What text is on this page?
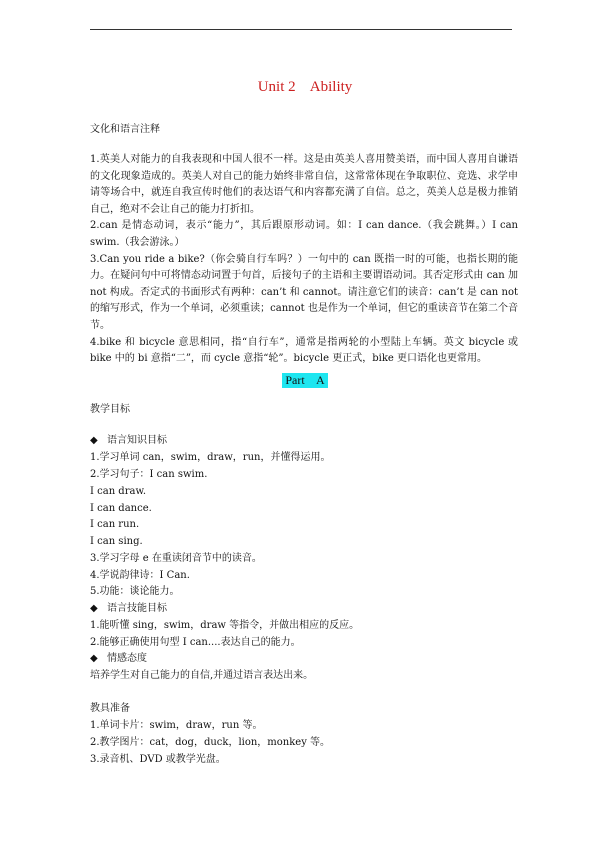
Unit 2    Ability
文化和语言注释

1.英美人对能力的自我表现和中国人很不一样。这是由英美人喜用赞美语，而中国人喜用自谦语的文化现象造成的。英美人对自己的能力始终非常自信，这常常体现在争取职位、竞选、求学申请等场合中，就连自我宣传时他们的表达语气和内容都充满了自信。总之，英美人总是极力推销自己，绝对不会让自己的能力打折扣。

2.can 是情态动词，表示“能力”，其后跟原形动词。如：I can dance.（我会跳舞。）I can swim.（我会游泳。）

3.Can you ride a bike?（你会骑自行车吗？）一句中的 can 既指一时的可能，也指长期的能力。在疑问句中可将情态动词置于句首，后接句子的主语和主要谓语动词。其否定形式由 can 加 not 构成。否定式的书面形式有两种：can’t 和 cannot。请注意它们的读音：can’t 是 can not 的缩写形式，作为一个单词，必须重读；cannot 也是作为一个单词，但它的重读音节在第二个音节。

4.bike 和 bicycle 意思相同，指“自行车”，通常是指两轮的小型陆上车辆。英文 bicycle 或 bike 中的 bi 意指“二”，而 cycle 意指“轮”。bicycle 更正式，bike 更口语化也更常用。

Part    A
教学目标
◆ 语言知识目标
1.学习单词 can，swim，draw，run，并懂得运用。
2.学习句子：I can swim.
I can draw.
I can dance.
I can run.
I can sing.
3.学习字母 e 在重读闭音节中的读音。
4.学说韵律诗：I Can.
5.功能：谈论能力。
◆ 语言技能目标
1.能听懂 sing，swim，draw 等指令，并做出相应的反应。
2.能够正确使用句型 I can....表达自己的能力。
◆ 情感态度
培养学生对自己能力的自信,并通过语言表达出来。
教具准备
1.单词卡片：swim，draw，run 等。
2.教学图片：cat，dog，duck，lion，monkey 等。
3.录音机、DVD 或教学光盘。
